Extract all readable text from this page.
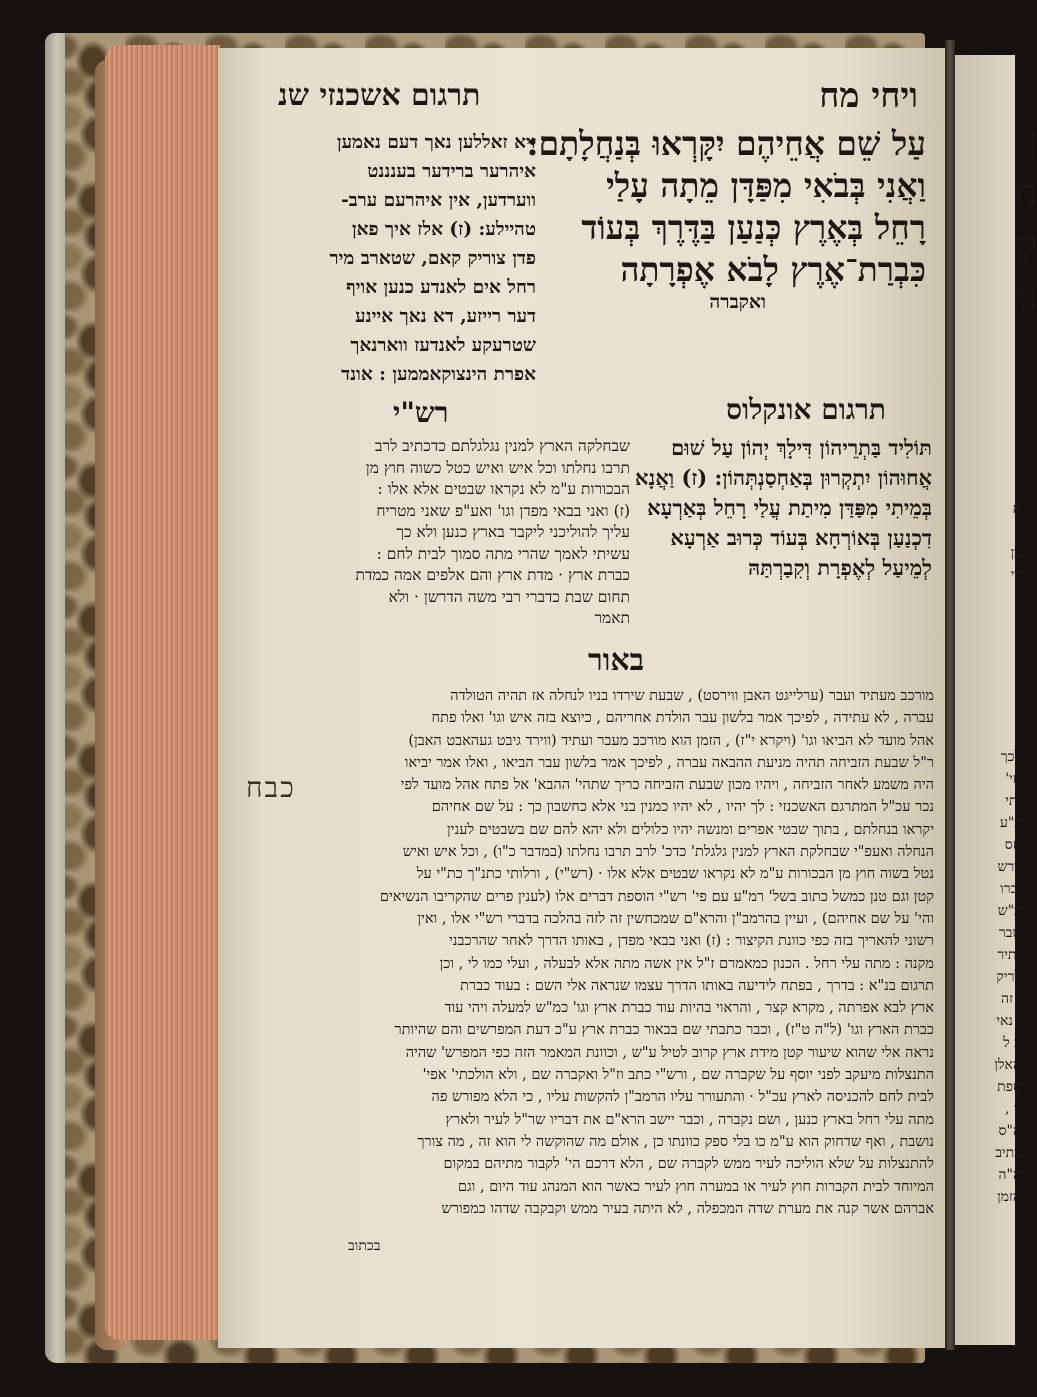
ויחי מח
תרגום אשכנזי שנ
עַל שֵׁם אֲחֵיהֶם יִקָּרְאוּ בְּנַחֲלָתָם:
וַאֲנִי בְּבֹאִי מִפַּדָּן מֵתָה עָלַי
רָחֵל בְּאֶרֶץ כְּנַעַן בַּדֶּרֶךְ בְּעוֹד
כִּבְרַת־אֶרֶץ לָבֹא אֶפְרָתָה
ואקברה
זיא זאללען נאך דעם נאמען
איהרער ברידער בענננט
ווערדען, אין איהרעם ערב-
טהיילע: (ז) אלז איך פאן
פדן צוריק קאם, שטארב מיר
רחל אים לאנדע כנען אויף
דער רייזע, דא נאך איינע
שטרעקע לאנדעז ווארנאך
אפרת הינצוקאממען : אונד
תרגום אונקלוס
רש"י
תּוֹלִיד בַּתְרֵיהוֹן דִּילָךְ יְהוֹן עַל שׁוּם
אֲחוּהוֹן יִתְקְרוּן בְּאַחְסַנְתְּהוֹן: (ז) וַאֲנָא
בְּמֵיתִי מִפַּדַּן מִיתַת עֲלַי רָחֵל בְּאַרְעָא
דִכְנַעַן בְּאוֹרְחָא בְּעוֹד כְּרוּב אַרְעָא
לְמֵיעַל לְאֶפְרָת וְקִבַרְתַּהּ
שבחלקה הארץ למנין נגלגלתם כדכתיב לרב
תרבו נחלתו וכל איש ואיש כטל כשוה חוץ מן
הבכורות ע"מ לא נקראו שבטים אלא אלו :
(ז) ואני בבאי מפדן וגו' ואע"פ שאני מטריח
עליך להוליכני ליקבר בארץ כנען ולא כך
עשיתי לאמך שהרי מתה סמוך לבית לחם :
כברת ארץ · מדת ארץ והם אלפים אמה כמדת
תחום שבת כדברי רבי משה הדרשן · ולא
תאמר
באור
מורכב מעתיד ועבר (ערלייגט האבן ווירסט) , שבעת שירדו בניו לנחלה אז תהיה הטולדה
עברה , לא עתידה , לפיכך אמר בלשון עבר הולדת אחריהם , כיוצא בזה איש וגו' ואלו פתח
אהל מועד לא הביאו וגו' (ויקרא י"ז) , הזמן הוא מורכב מעבר ועתיד (ווירד גיבט געהאבט האבן)
ר"ל שבעת הזביחה תהיה מניעת ההבאה עברה , לפיכך אמר בלשון עבר הביאו , ואלו אמר יביאו
היה משמע לאחר הזביחה , ויהיו מכון שבעת הזביחה כריך שתהי' ההבא' אל פתח אהל מועד לפי
נכר עכ"ל המתרגם האשכנזי : לך יהיו , לא יהיו כמנין בני אלא כחשבון כך : על שם אחיהם
יקראו בנחלתם , בתוך שבטי אפרים ומנשה יהיו כלולים ולא יהא להם שם בשבטים לענין
הנחלה ואעפ"י שבחלקת הארץ למנין גלגלת' כדכ' לרב תרבו נחלתו (במדבר כ"ו) , וכל איש ואיש
נטל בשוה חוץ מן הבכורות ע"מ לא נקראו שבטים אלא אלו · (רש"י) , ורלותי כתנ"ך כת"י על
קטן וגם טנן כמשל כתוב בשל' רמ"ע עם פי' רש"י הוספת דברים אלו (לענין פרים שהקריבו הנשיאים
והי' על שם אחיהם) , ועיין בהרמב"ן והרא"ם שמכחשין זה לזה בהלכה בדברי רש"י אלו , ואין
רשוני להאריך בזה כפי כוונת הקיצור : (ז) ואני בבאי מפדן , באותו הדרך לאחר שהרכבני
מקנה : מתה עלי רחל . הכנון כמאמרם ז"ל אין אשה מתה אלא לבעלה , ועלי כמו לי , וכן
תרגום בנ"א : בדרך , בפתח לידיעה באותו הדרך עצמו שנראה אלי השם : בעוד כברת
ארץ לבא אפרתה , מקרא קצר , והראוי בהיות עוד כברת ארץ וגו' כמ"ש למעלה ויהי עוד
כברת הארץ וגו' (ל"ה ט"ז) , וכבר כתבתי שם בבאור כברת ארץ ע"כ דעת המפרשים והם שהיותר
נראה אלי שהוא שיעור קטן מידת ארץ קרוב לטיל ע"ש , וכוונת המאמר הזה כפי המפרש' שהיה
התנצלות מיעקב לפני יוסף על שקברה שם , ורש"י כתב וז"ל ואקברה שם , ולא הולכתי' אפי'
לבית לחם להכניסה לארץ עכ"ל · והתעורר עליו הרמב"ן להקשות עליו , כי הלא מפורש פה
מתה עלי רחל בארץ כנען , ושם נקברה , וכבר יישב הרא"ם את דבריו שר"ל לעיר ולארץ
נושבת , ואף שדחוק הוא ע"מ כו בלי ספק כוונתו כן , אולם מה שהוקשה לי הוא זה , מה צורך
להתנצלות על שלא הוליכה לעיר ממש לקברה שם , הלא דרכם הי' לקבור מתיהם במקום
המיוחד לבית הקברות חוץ לעיר או במערה חוץ לעיר כאשר הוא המנהג עוד היום , וגם
אברהם אשר קנה את מערת שדה המכפלה , לא היתה בעיר ממש וקבקבה שדהו כמפורש
כבח
בכתוב
ן
ה
ק
ון
א
ו
כן
די
לכך
חי'
ותי
ב"ע
חס
דרש
וכרו
כ"ש
טבר
נתיר
לריק
ן זה
ו נאי
כ ל
האלן
ספת
ון ,
ה"ס
כתיב
ה"ה
הזמן
